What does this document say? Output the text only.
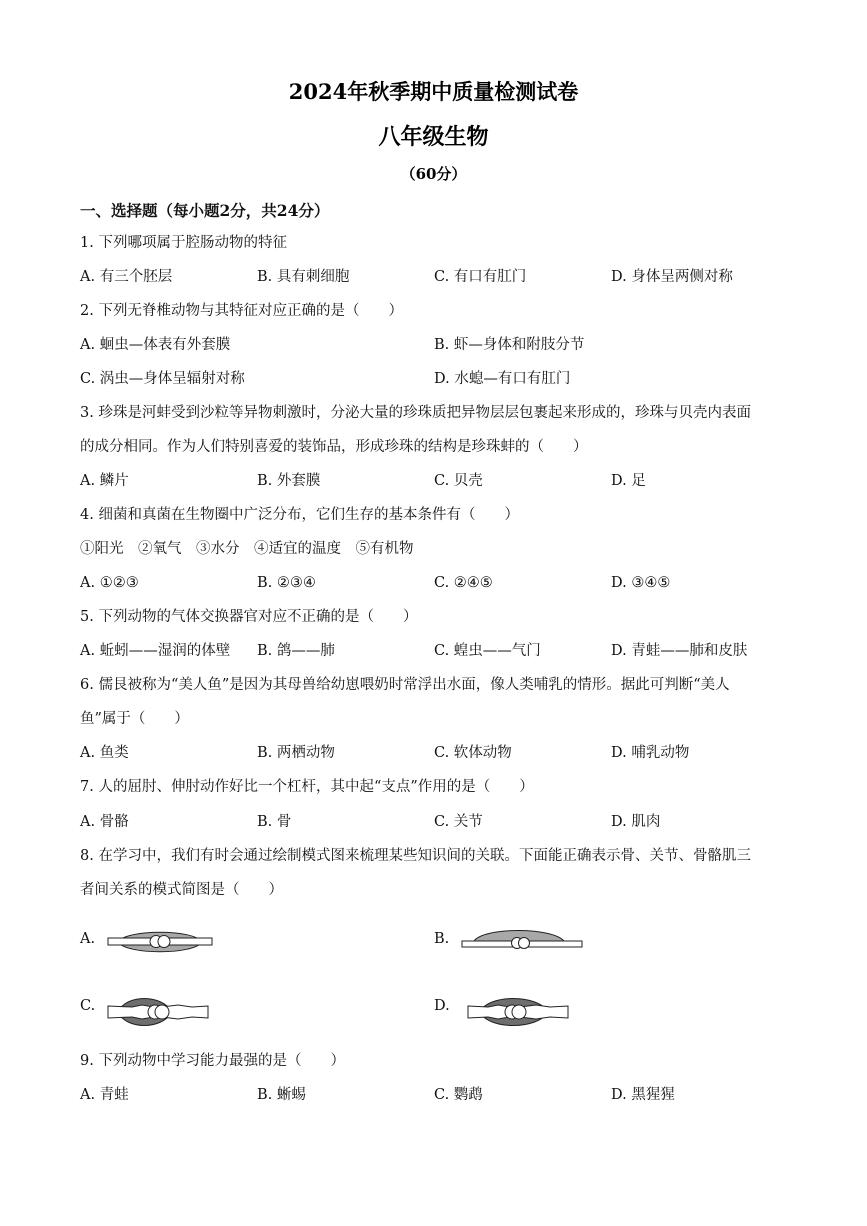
2024年秋季期中质量检测试卷
八年级生物
（60分）
一、选择题（每小题2分，共24分）
1. 下列哪项属于腔肠动物的特征
A. 有三个胚层	B. 具有刺细胞	C. 有口有肛门	D. 身体呈两侧对称
2. 下列无脊椎动物与其特征对应正确的是（　　）
A. 蛔虫—体表有外套膜	B. 虾—身体和附肢分节
C. 涡虫—身体呈辐射对称	D. 水螅—有口有肛门
3. 珍珠是河蚌受到沙粒等异物刺激时，分泌大量的珍珠质把异物层层包裹起来形成的，珍珠与贝壳内表面
的成分相同。作为人们特别喜爱的装饰品，形成珍珠的结构是珍珠蚌的（　　）
A. 鳞片	B. 外套膜	C. 贝壳	D. 足
4. 细菌和真菌在生物圈中广泛分布，它们生存的基本条件有（　　）
①阳光　②氧气　③水分　④适宜的温度　⑤有机物
A. ①②③	B. ②③④	C. ②④⑤	D. ③④⑤
5. 下列动物的气体交换器官对应不正确的是（　　）
A. 蚯蚓——湿润的体壁 B. 鸽——肺	C. 蝗虫——气门	D. 青蛙——肺和皮肤
6. 儒艮被称为“美人鱼”是因为其母兽给幼崽喂奶时常浮出水面，像人类哺乳的情形。据此可判断“美人
鱼”属于（　　）
A. 鱼类	B. 两栖动物	C. 软体动物	D. 哺乳动物
7. 人的屈肘、伸肘动作好比一个杠杆，其中起“支点”作用的是（　　）
A. 骨骼	B. 骨	C. 关节	D. 肌肉
8. 在学习中，我们有时会通过绘制模式图来梳理某些知识间的关联。下面能正确表示骨、关节、骨骼肌三
者间关系的模式简图是（　　）
A.	B.
C.	D.
9. 下列动物中学习能力最强的是（　　）
A. 青蛙	B. 蜥蜴	C. 鹦鹉	D. 黑猩猩
